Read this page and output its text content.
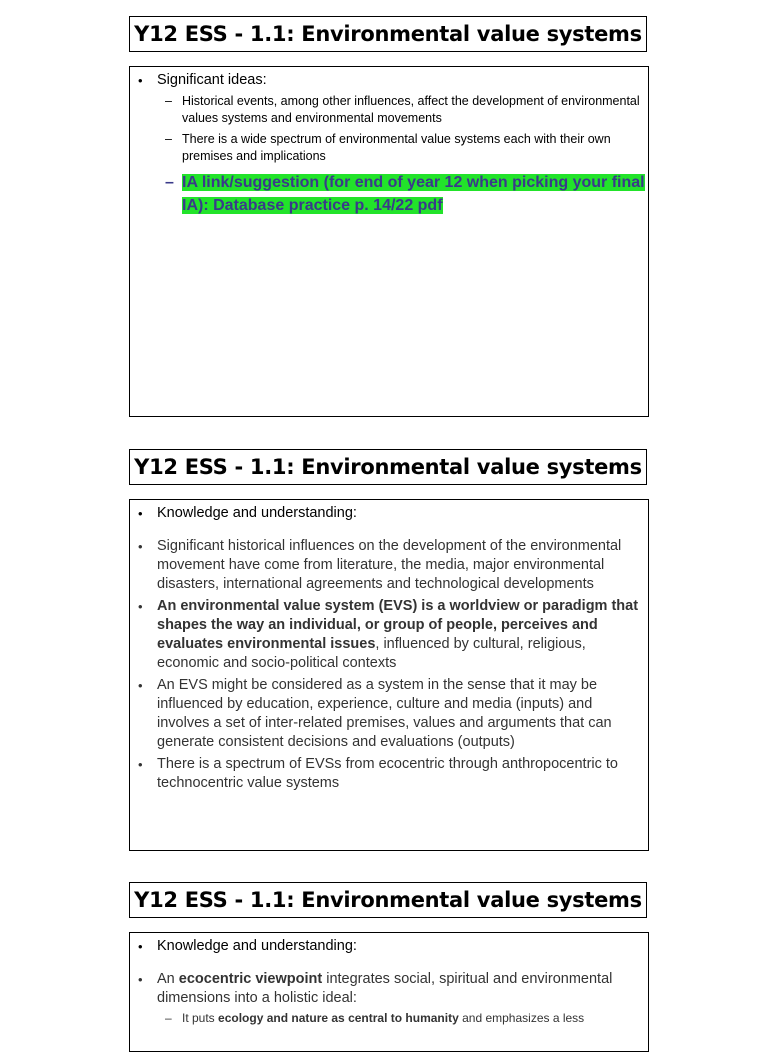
Y12 ESS - 1.1: Environmental value systems
• Significant ideas:
– Historical events, among other influences, affect the development of environmental values systems and environmental movements
– There is a wide spectrum of environmental value systems each with their own premises and implications
– IA link/suggestion (for end of year 12 when picking your final IA): Database practice p. 14/22 pdf
Y12 ESS - 1.1: Environmental value systems
• Knowledge and understanding:
• Significant historical influences on the development of the environmental movement have come from literature, the media, major environmental disasters, international agreements and technological developments
• An environmental value system (EVS) is a worldview or paradigm that shapes the way an individual, or group of people, perceives and evaluates environmental issues, influenced by cultural, religious, economic and socio-political contexts
• An EVS might be considered as a system in the sense that it may be influenced by education, experience, culture and media (inputs) and involves a set of inter-related premises, values and arguments that can generate consistent decisions and evaluations (outputs)
• There is a spectrum of EVSs from ecocentric through anthropocentric to technocentric value systems
Y12 ESS - 1.1: Environmental value systems
• Knowledge and understanding:
• An ecocentric viewpoint integrates social, spiritual and environmental dimensions into a holistic ideal:
– It puts ecology and nature as central to humanity and emphasizes a less
